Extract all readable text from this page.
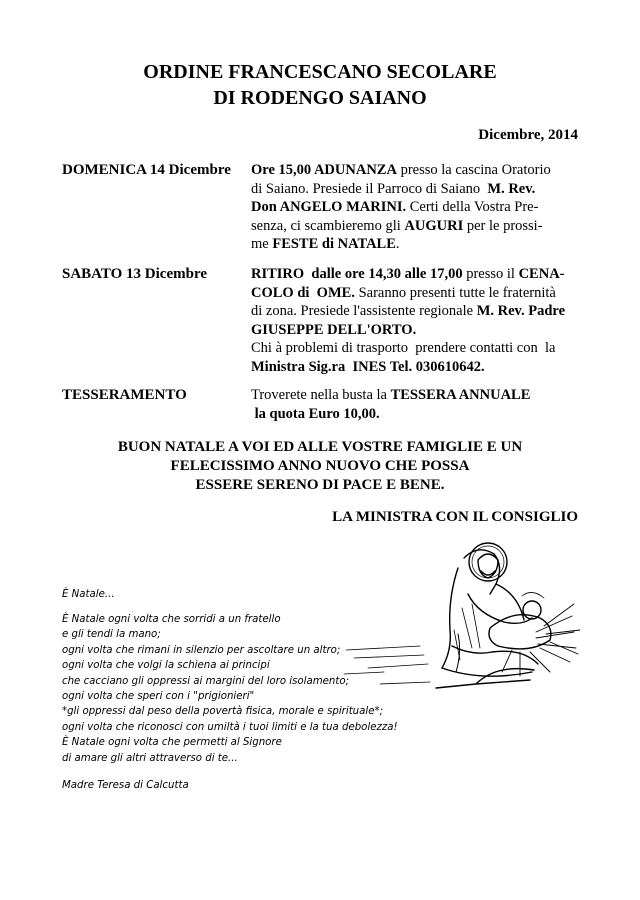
ORDINE FRANCESCANO SECOLARE
DI RODENGO SAIANO
Dicembre, 2014
DOMENICA 14 Dicembre Ore 15,00 ADUNANZA presso la cascina Oratorio
di Saiano. Presiede il Parroco di Saiano  M. Rev.
Don ANGELO MARINI. Certi della Vostra Pre-
senza, ci scambieremo gli AUGURI per le prossi-
me FESTE di NATALE.
SABATO 13 Dicembre	RITIRO  dalle ore 14,30 alle 17,00 presso il CENA-
COLO di  OME. Saranno presenti tutte le fraternità
di zona. Presiede l'assistente regionale M. Rev. Padre
GIUSEPPE DELL'ORTO.
Chi à problemi di trasporto  prendere contatti con  la
Ministra Sig.ra  INES Tel. 030610642.
TESSERAMENTO	Troverete nella busta la TESSERA ANNUALE
la quota Euro 10,00.
BUON NATALE A VOI ED ALLE VOSTRE FAMIGLIE E UN
FELECISSIMO ANNO NUOVO CHE POSSA
ESSERE SERENO DI PACE E BENE.
LA MINISTRA CON IL CONSIGLIO
È Natale...
È Natale ogni volta che sorridi a un fratello
e gli tendi la mano;
ogni volta che rimani in silenzio per ascoltare un altro;
ogni volta che volgi la schiena ai principi
che cacciano gli oppressi ai margini del loro isolamento;
ogni volta che speri con i "prigionieri"
*gli oppressi dal peso della povertà fisica, morale e spirituale*;
ogni volta che riconosci con umiltà i tuoi limiti e la tua debolezza!
È Natale ogni volta che permetti al Signore
di amare gli altri attraverso di te...
Madre Teresa di Calcutta
